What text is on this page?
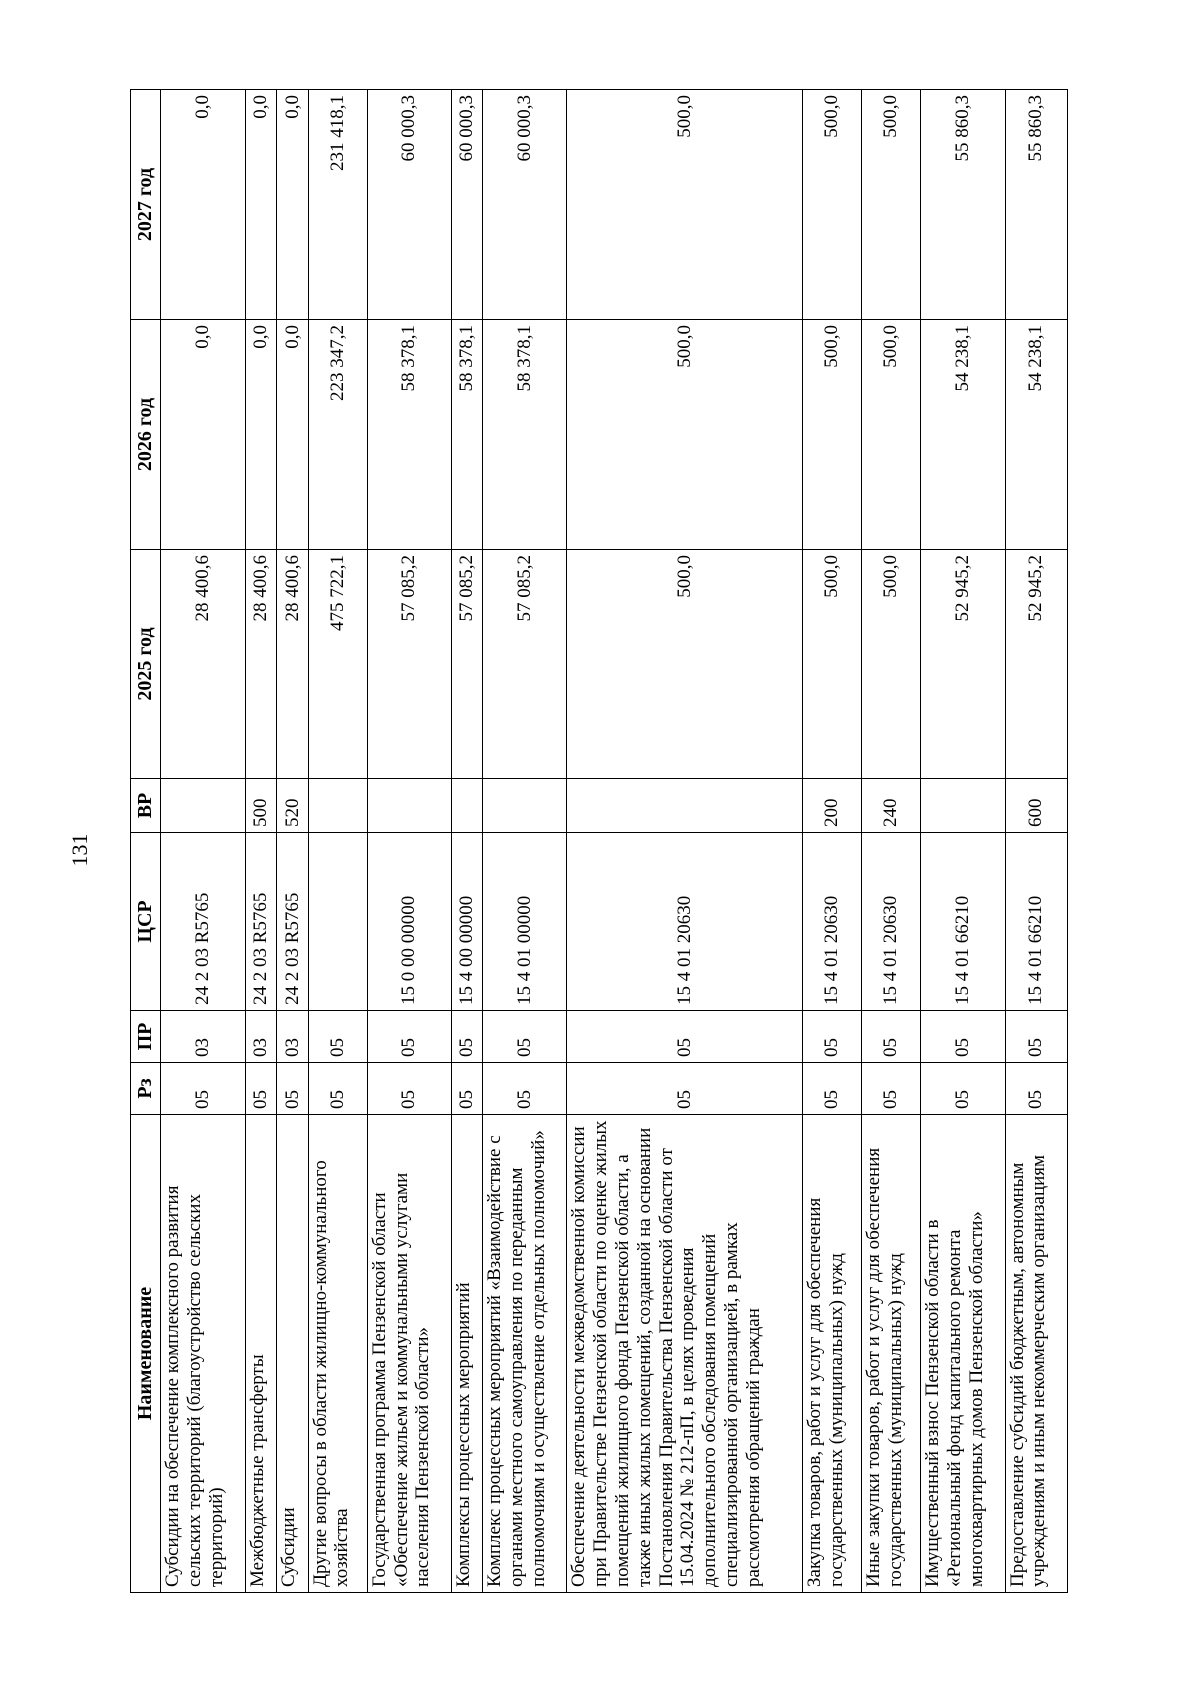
131
Наименование	Рз	ПР	ЦСР	ВР	2025 год	2026 год	2027 год
Субсидии на обеспечение комплексного развития сельских территорий (благоустройство сельских территорий)	05	03	24 2 03 R5765		28 400,6	0,0	0,0
Межбюджетные трансферты	05	03	24 2 03 R5765	500	28 400,6	0,0	0,0
Субсидии	05	03	24 2 03 R5765	520	28 400,6	0,0	0,0
Другие вопросы в области жилищно-коммунального хозяйства	05	05			475 722,1	223 347,2	231 418,1
Государственная программа Пензенской области «Обеспечение жильем и коммунальными услугами населения Пензенской области»	05	05	15 0 00 00000		57 085,2	58 378,1	60 000,3
Комплексы процессных мероприятий	05	05	15 4 00 00000		57 085,2	58 378,1	60 000,3
Комплекс процессных мероприятий «Взаимодействие с органами местного самоуправления по переданным полномочиям и осуществление отдельных полномочий»	05	05	15 4 01 00000		57 085,2	58 378,1	60 000,3
Обеспечение деятельности межведомственной комиссии при Правительстве Пензенской области по оценке жилых помещений жилищного фонда Пензенской области, а также иных жилых помещений, созданной на основании Постановления Правительства Пензенской области от 15.04.2024 № 212-пП, в целях проведения дополнительного обследования помещений специализированной организацией, в рамках рассмотрения обращений граждан	05	05	15 4 01 20630		500,0	500,0	500,0
Закупка товаров, работ и услуг для обеспечения государственных (муниципальных) нужд	05	05	15 4 01 20630	200	500,0	500,0	500,0
Иные закупки товаров, работ и услуг для обеспечения государственных (муниципальных) нужд	05	05	15 4 01 20630	240	500,0	500,0	500,0
Имущественный взнос Пензенской области в «Региональный фонд капитального ремонта многоквартирных домов Пензенской области»	05	05	15 4 01 66210		52 945,2	54 238,1	55 860,3
Предоставление субсидий бюджетным, автономным учреждениям и иным некоммерческим организациям	05	05	15 4 01 66210	600	52 945,2	54 238,1	55 860,3
